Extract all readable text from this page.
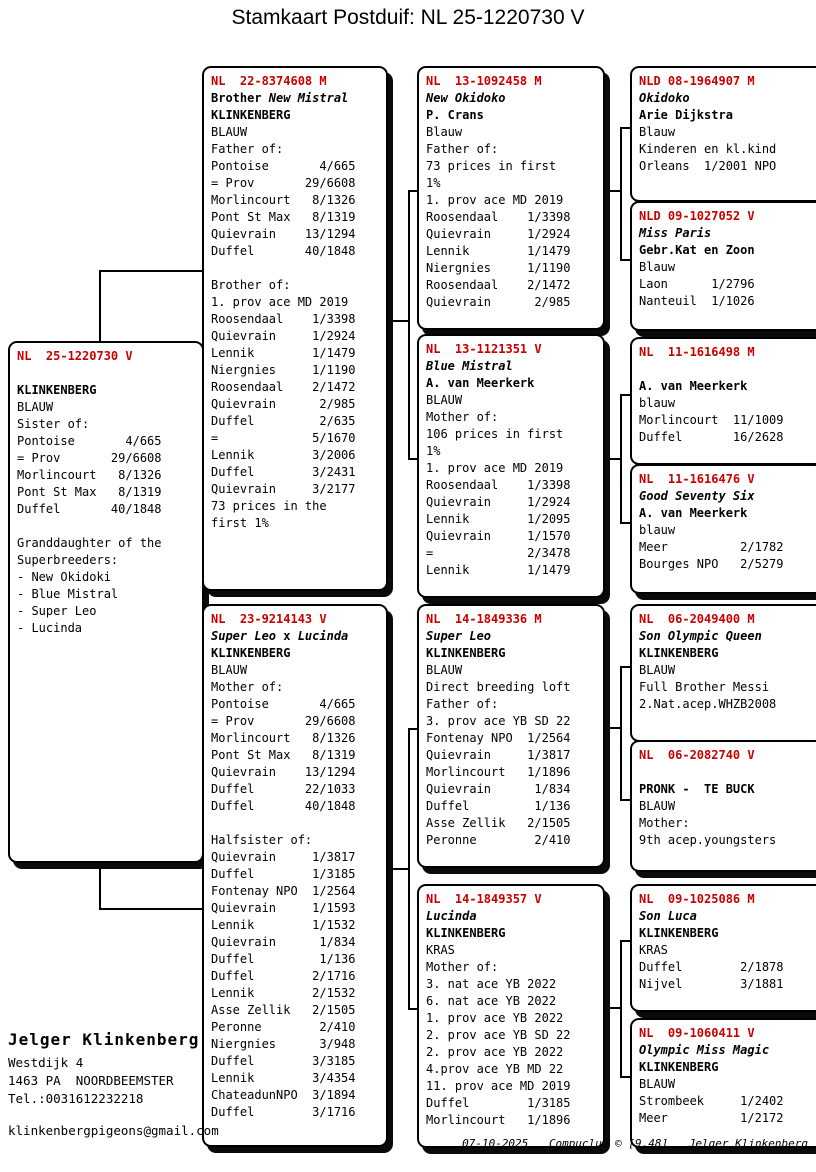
Stamkaart Postduif: NL 25-1220730 V
NL  25-1220730 V

KLINKENBERG
BLAUW
Sister of:
Pontoise       4/665
= Prov       29/6608
Morlincourt   8/1326
Pont St Max   8/1319
Duffel       40/1848

Granddaughter of the
Superbreeders:
- New Okidoki
- Blue Mistral
- Super Leo
- Lucinda
NL  22-8374608 M
Brother New Mistral
KLINKENBERG
BLAUW
Father of:
Pontoise       4/665
= Prov       29/6608
Morlincourt   8/1326
Pont St Max   8/1319
Quievrain    13/1294
Duffel       40/1848

Brother of:
1. prov ace MD 2019
Roosendaal    1/3398
Quievrain     1/2924
Lennik        1/1479
Niergnies     1/1190
Roosendaal    2/1472
Quievrain      2/985
Duffel         2/635
=             5/1670
Lennik        3/2006
Duffel        3/2431
Quievrain     3/2177
73 prices in the
first 1%
NL  23-9214143 V
Super Leo x Lucinda
KLINKENBERG
BLAUW
Mother of:
Pontoise       4/665
= Prov       29/6608
Morlincourt   8/1326
Pont St Max   8/1319
Quievrain    13/1294
Duffel       22/1033
Duffel       40/1848

Halfsister of:
Quievrain     1/3817
Duffel        1/3185
Fontenay NPO  1/2564
Quievrain     1/1593
Lennik        1/1532
Quievrain      1/834
Duffel         1/136
Duffel        2/1716
Lennik        2/1532
Asse Zellik   2/1505
Peronne        2/410
Niergnies      3/948
Duffel        3/3185
Lennik        3/4354
ChateadunNPO  3/1894
Duffel        3/1716
NL  13-1092458 M
New Okidoko
P. Crans
Blauw
Father of:
73 prices in first
1%
1. prov ace MD 2019
Roosendaal    1/3398
Quievrain     1/2924
Lennik        1/1479
Niergnies     1/1190
Roosendaal    2/1472
Quievrain      2/985
NL  13-1121351 V
Blue Mistral
A. van Meerkerk
BLAUW
Mother of:
106 prices in first
1%
1. prov ace MD 2019
Roosendaal    1/3398
Quievrain     1/2924
Lennik        1/2095
Quievrain     1/1570
=             2/3478
Lennik        1/1479
NL  14-1849336 M
Super Leo
KLINKENBERG
BLAUW
Direct breeding loft
Father of:
3. prov ace YB SD 22
Fontenay NPO  1/2564
Quievrain     1/3817
Morlincourt   1/1896
Quievrain      1/834
Duffel         1/136
Asse Zellik   2/1505
Peronne        2/410
NL  14-1849357 V
Lucinda
KLINKENBERG
KRAS
Mother of:
3. nat ace YB 2022
6. nat ace YB 2022
1. prov ace YB 2022
2. prov ace YB SD 22
2. prov ace YB 2022
4.prov ace YB MD 22
11. prov ace MD 2019
Duffel        1/3185
Morlincourt   1/1896
NLD 08-1964907 M
Okidoko
Arie Dijkstra
Blauw
Kinderen en kl.kind
Orleans  1/2001 NPO
NLD 09-1027052 V
Miss Paris
Gebr.Kat en Zoon
Blauw
Laon      1/2796
Nanteuil  1/1026
NL  11-1616498 M

A. van Meerkerk
blauw
Morlincourt  11/1009
Duffel       16/2628
NL  11-1616476 V
Good Seventy Six
A. van Meerkerk
blauw
Meer          2/1782
Bourges NPO   2/5279
NL  06-2049400 M
Son Olympic Queen
KLINKENBERG
BLAUW
Full Brother Messi
2.Nat.acep.WHZB2008
NL  06-2082740 V

PRONK -  TE BUCK
BLAUW
Mother:
9th acep.youngsters
NL  09-1025086 M
Son Luca
KLINKENBERG
KRAS
Duffel        2/1878
Nijvel        3/1881
NL  09-1060411 V
Olympic Miss Magic
KLINKENBERG
BLAUW
Strombeek     1/2402
Meer          1/2172
Jelger Klinkenberg
Westdijk 4
1463 PA  NOORDBEEMSTER
Tel.:0031612232218
klinkenbergpigeons@gmail.com
07-10-2025 Compuclub © [9.48] Jelger Klinkenberg
